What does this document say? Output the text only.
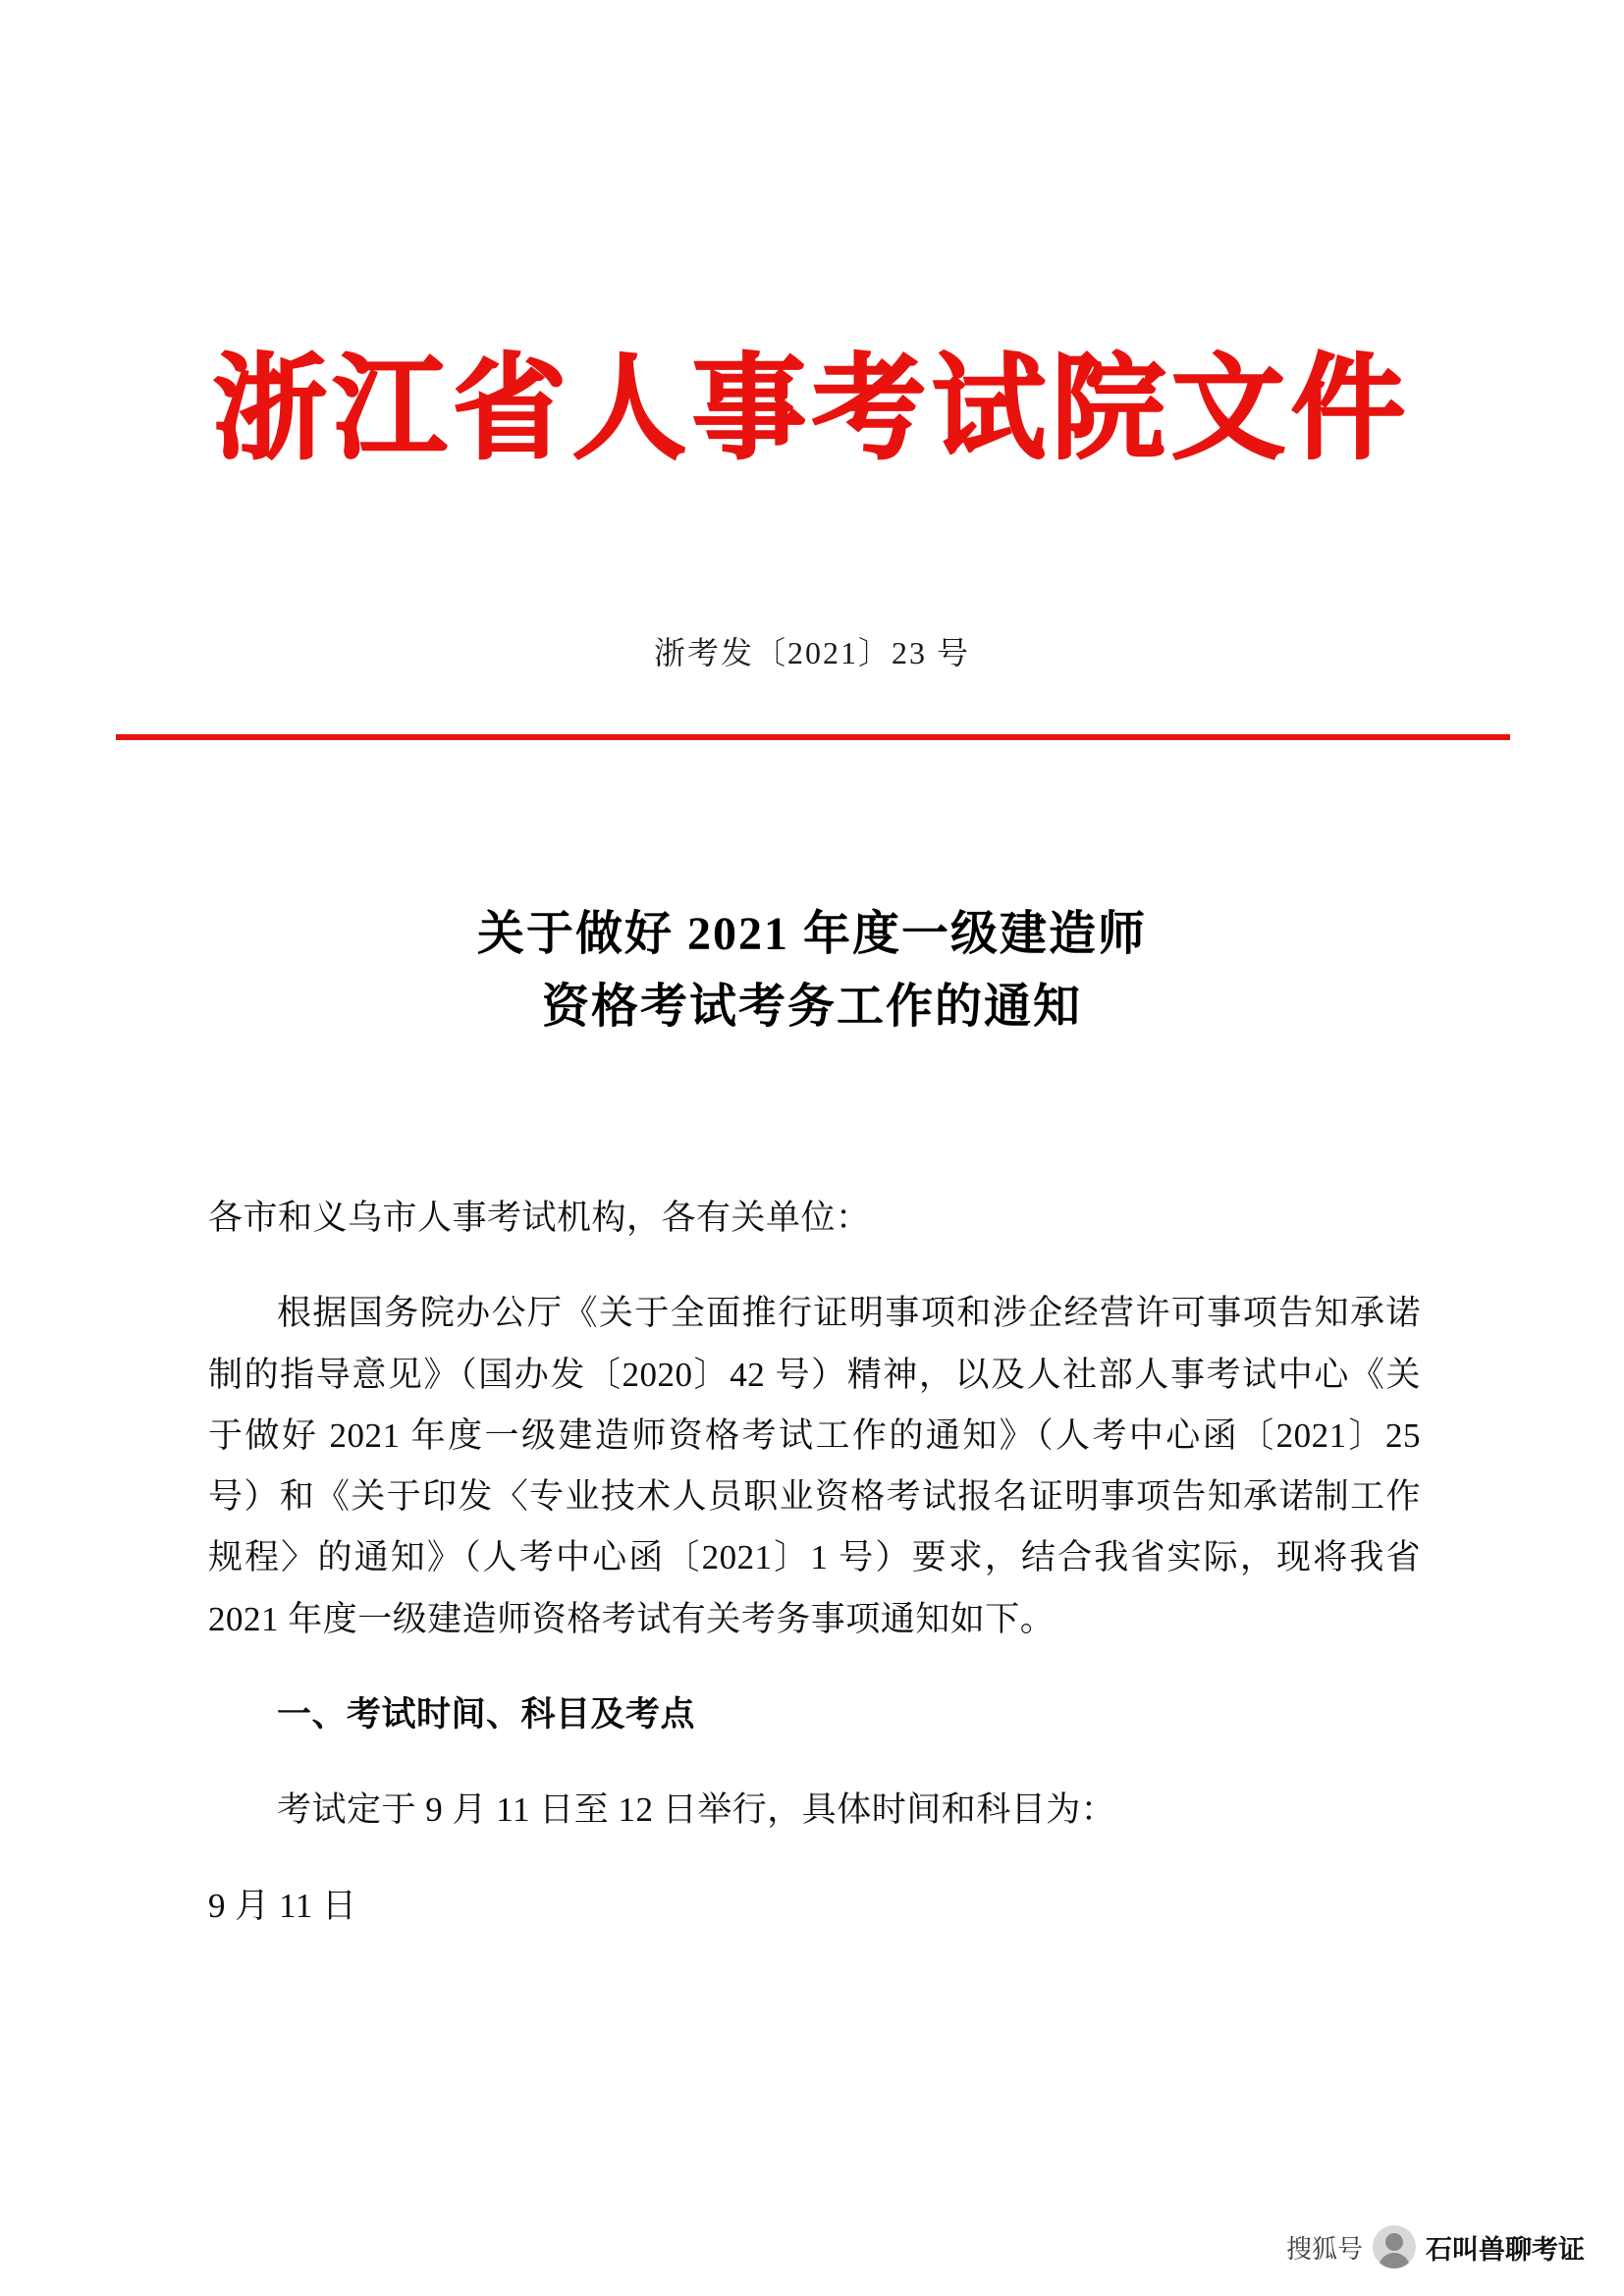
浙江省人事考试院文件
浙考发〔2021〕23 号
关于做好 2021 年度一级建造师
资格考试考务工作的通知

各市和义乌市人事考试机构，各有关单位：

根据国务院办公厅《关于全面推行证明事项和涉企经营许可事项告知承诺制的指导意见》（国办发〔2020〕42 号）精神，以及人社部人事考试中心《关于做好 2021 年度一级建造师资格考试工作的通知》（人考中心函〔2021〕25 号）和《关于印发〈专业技术人员职业资格考试报名证明事项告知承诺制工作规程〉的通知》（人考中心函〔2021〕1 号）要求，结合我省实际，现将我省 2021 年度一级建造师资格考试有关考务事项通知如下。

一、考试时间、科目及考点

考试定于 9 月 11 日至 12 日举行，具体时间和科目为：

9 月 11 日

搜狐号 石叫兽聊考证
